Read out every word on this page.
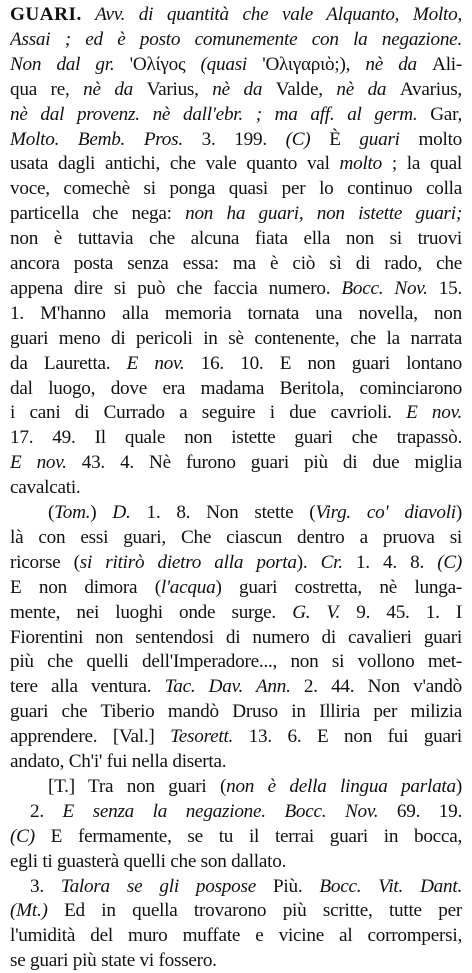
GUARI. Avv. di quantità che vale Alquanto, Molto,
Assai ; ed è posto comunemente con la negazione.
Non dal gr. 'Ολίγος (quasi 'Ολιγαριὸ;), nè da Ali-
qua re, nè da Varius, nè da Valde, nè da Avarius,
nè dal provenz. nè dall'ebr. ; ma aff. al germ. Gar,
Molto. Bemb. Pros. 3. 199. (C) È guari molto
usata dagli antichi, che vale quanto val molto ; la qual
voce, comechè si ponga quasi per lo continuo colla
particella che nega: non ha guari, non istette guari;
non è tuttavia che alcuna fiata ella non si truovi
ancora posta senza essa: ma è ciò sì di rado, che
appena dire si può che faccia numero. Bocc. Nov. 15.
1. M'hanno alla memoria tornata una novella, non
guari meno di pericoli in sè contenente, che la narrata
da Lauretta. E nov. 16. 10. E non guari lontano
dal luogo, dove era madama Beritola, cominciarono
i cani di Currado a seguire i due cavrioli. E nov.
17. 49. Il quale non istette guari che trapassò.
E nov. 43. 4. Nè furono guari più di due miglia
cavalcati.
(Tom.) D. 1. 8. Non stette (Virg. co' diavoli)
là con essi guari, Che ciascun dentro a pruova si
ricorse (si ritirò dietro alla porta). Cr. 1. 4. 8. (C)
E non dimora (l'acqua) guari costretta, nè lunga-
mente, nei luoghi onde surge. G. V. 9. 45. 1. I
Fiorentini non sentendosi di numero di cavalieri guari
più che quelli dell'Imperadore..., non si vollono met-
tere alla ventura. Tac. Dav. Ann. 2. 44. Non v'andò
guari che Tiberio mandò Druso in Illiria per milizia
apprendere. [Val.] Tesorett. 13. 6. E non fui guari
andato, Ch'i' fui nella diserta.
[T.] Tra non guari (non è della lingua parlata)
2. E senza la negazione. Bocc. Nov. 69. 19.
(C) E fermamente, se tu il terrai guari in bocca,
egli ti guasterà quelli che son dallato.
3. Talora se gli pospose Più. Bocc. Vit. Dant.
(Mt.) Ed in quella trovarono più scritte, tutte per
l'umidità del muro muffate e vicine al corrompersi,
se guari più state vi fossero.
